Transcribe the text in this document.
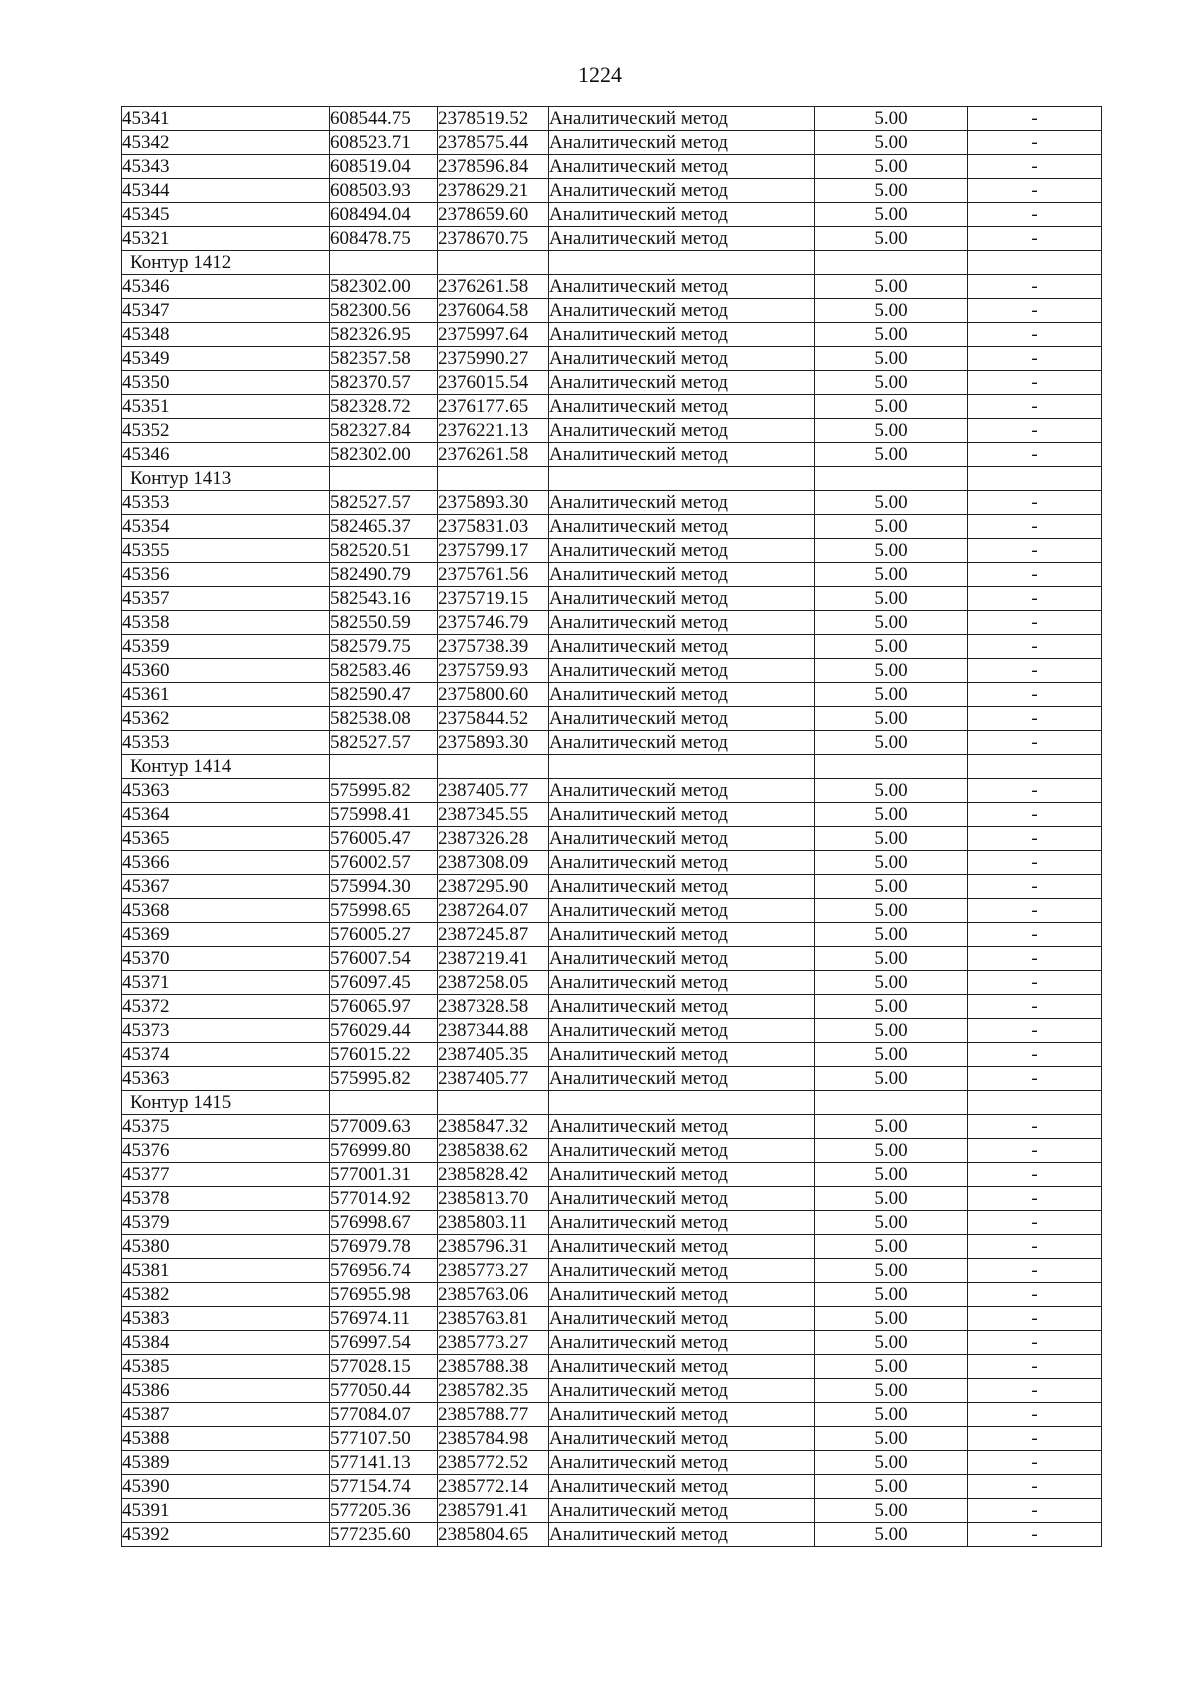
1224
45341	608544.75	2378519.52	Аналитический метод	5.00	-
45342	608523.71	2378575.44	Аналитический метод	5.00	-
45343	608519.04	2378596.84	Аналитический метод	5.00	-
45344	608503.93	2378629.21	Аналитический метод	5.00	-
45345	608494.04	2378659.60	Аналитический метод	5.00	-
45321	608478.75	2378670.75	Аналитический метод	5.00	-
Контур 1412					
45346	582302.00	2376261.58	Аналитический метод	5.00	-
45347	582300.56	2376064.58	Аналитический метод	5.00	-
45348	582326.95	2375997.64	Аналитический метод	5.00	-
45349	582357.58	2375990.27	Аналитический метод	5.00	-
45350	582370.57	2376015.54	Аналитический метод	5.00	-
45351	582328.72	2376177.65	Аналитический метод	5.00	-
45352	582327.84	2376221.13	Аналитический метод	5.00	-
45346	582302.00	2376261.58	Аналитический метод	5.00	-
Контур 1413					
45353	582527.57	2375893.30	Аналитический метод	5.00	-
45354	582465.37	2375831.03	Аналитический метод	5.00	-
45355	582520.51	2375799.17	Аналитический метод	5.00	-
45356	582490.79	2375761.56	Аналитический метод	5.00	-
45357	582543.16	2375719.15	Аналитический метод	5.00	-
45358	582550.59	2375746.79	Аналитический метод	5.00	-
45359	582579.75	2375738.39	Аналитический метод	5.00	-
45360	582583.46	2375759.93	Аналитический метод	5.00	-
45361	582590.47	2375800.60	Аналитический метод	5.00	-
45362	582538.08	2375844.52	Аналитический метод	5.00	-
45353	582527.57	2375893.30	Аналитический метод	5.00	-
Контур 1414					
45363	575995.82	2387405.77	Аналитический метод	5.00	-
45364	575998.41	2387345.55	Аналитический метод	5.00	-
45365	576005.47	2387326.28	Аналитический метод	5.00	-
45366	576002.57	2387308.09	Аналитический метод	5.00	-
45367	575994.30	2387295.90	Аналитический метод	5.00	-
45368	575998.65	2387264.07	Аналитический метод	5.00	-
45369	576005.27	2387245.87	Аналитический метод	5.00	-
45370	576007.54	2387219.41	Аналитический метод	5.00	-
45371	576097.45	2387258.05	Аналитический метод	5.00	-
45372	576065.97	2387328.58	Аналитический метод	5.00	-
45373	576029.44	2387344.88	Аналитический метод	5.00	-
45374	576015.22	2387405.35	Аналитический метод	5.00	-
45363	575995.82	2387405.77	Аналитический метод	5.00	-
Контур 1415					
45375	577009.63	2385847.32	Аналитический метод	5.00	-
45376	576999.80	2385838.62	Аналитический метод	5.00	-
45377	577001.31	2385828.42	Аналитический метод	5.00	-
45378	577014.92	2385813.70	Аналитический метод	5.00	-
45379	576998.67	2385803.11	Аналитический метод	5.00	-
45380	576979.78	2385796.31	Аналитический метод	5.00	-
45381	576956.74	2385773.27	Аналитический метод	5.00	-
45382	576955.98	2385763.06	Аналитический метод	5.00	-
45383	576974.11	2385763.81	Аналитический метод	5.00	-
45384	576997.54	2385773.27	Аналитический метод	5.00	-
45385	577028.15	2385788.38	Аналитический метод	5.00	-
45386	577050.44	2385782.35	Аналитический метод	5.00	-
45387	577084.07	2385788.77	Аналитический метод	5.00	-
45388	577107.50	2385784.98	Аналитический метод	5.00	-
45389	577141.13	2385772.52	Аналитический метод	5.00	-
45390	577154.74	2385772.14	Аналитический метод	5.00	-
45391	577205.36	2385791.41	Аналитический метод	5.00	-
45392	577235.60	2385804.65	Аналитический метод	5.00	-
